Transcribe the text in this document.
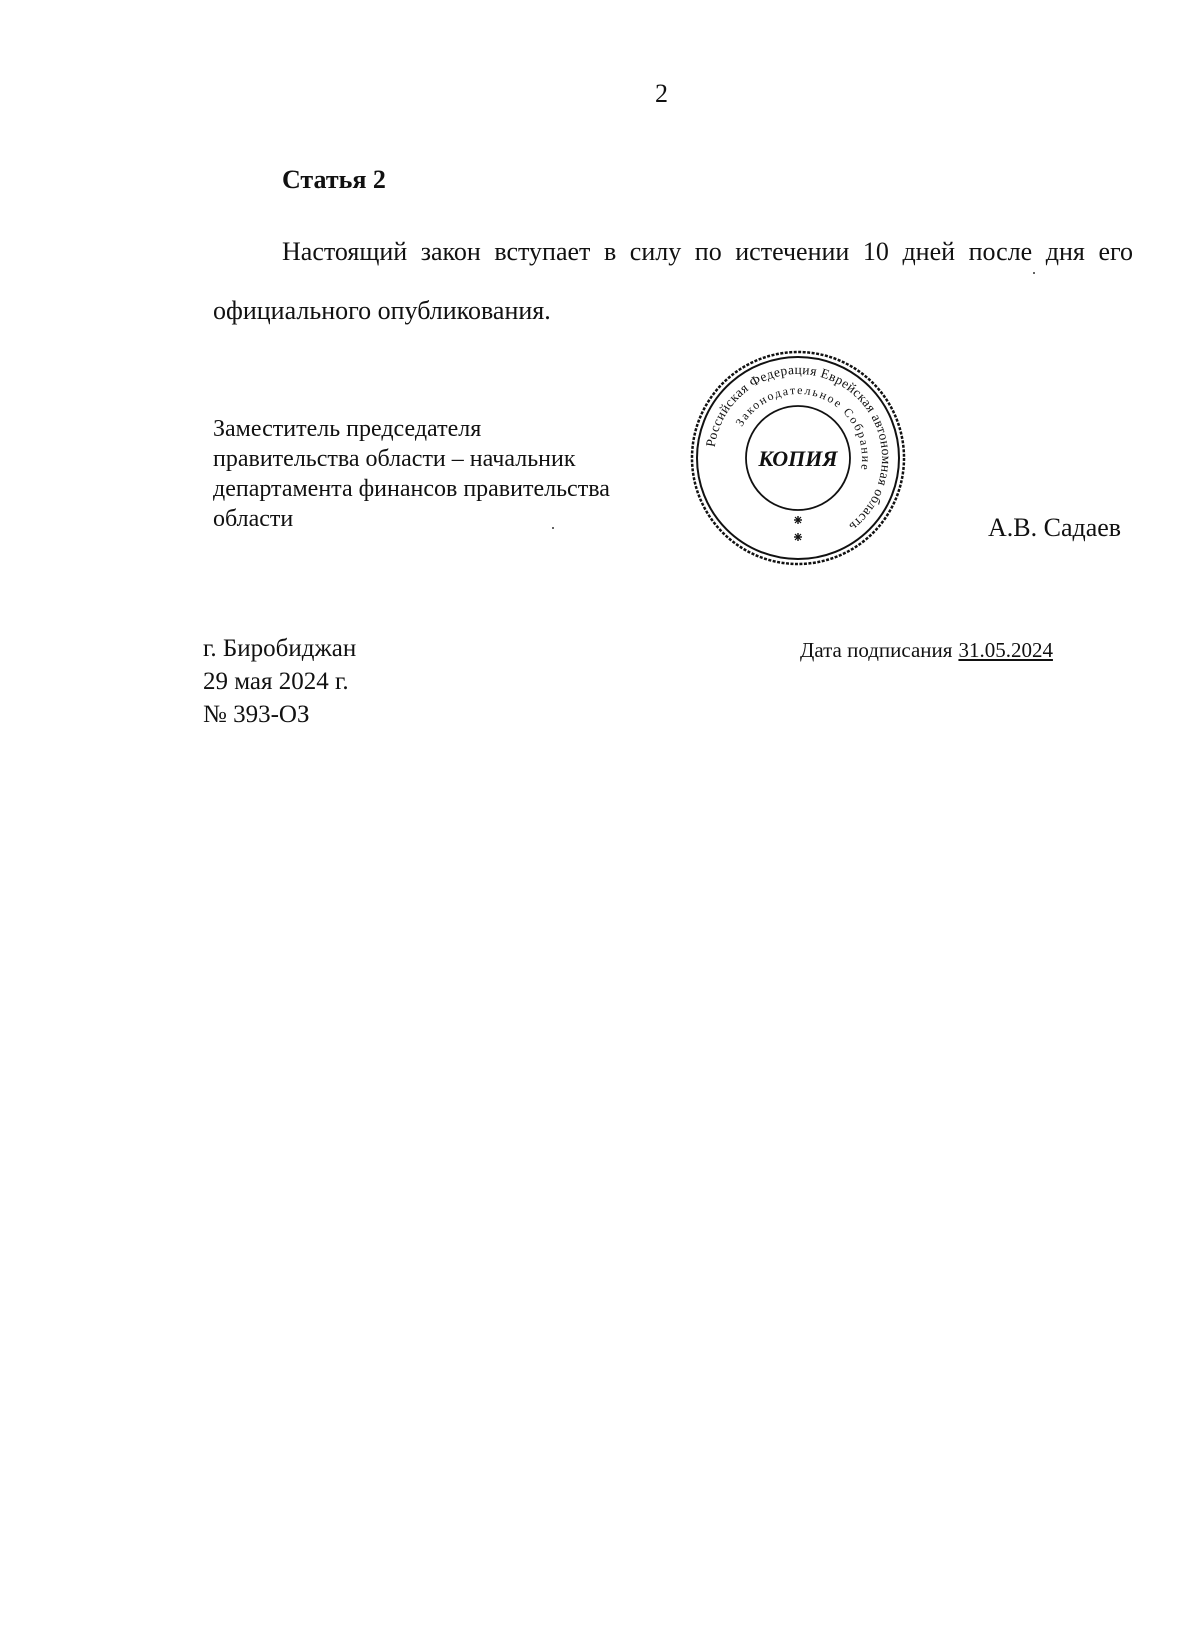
2
Статья 2
Настоящий закон вступает в силу по истечении 10 дней после дня его официального опубликования.
Заместитель председателя правительства области – начальник департамента финансов правительства области
Российская Федерация Еврейская автономная область
Законодательное Собрание
КОПИЯ
А.В. Садаев
г. Биробиджан
29 мая 2024 г.
№ 393-ОЗ
Дата подписания 31.05.2024
